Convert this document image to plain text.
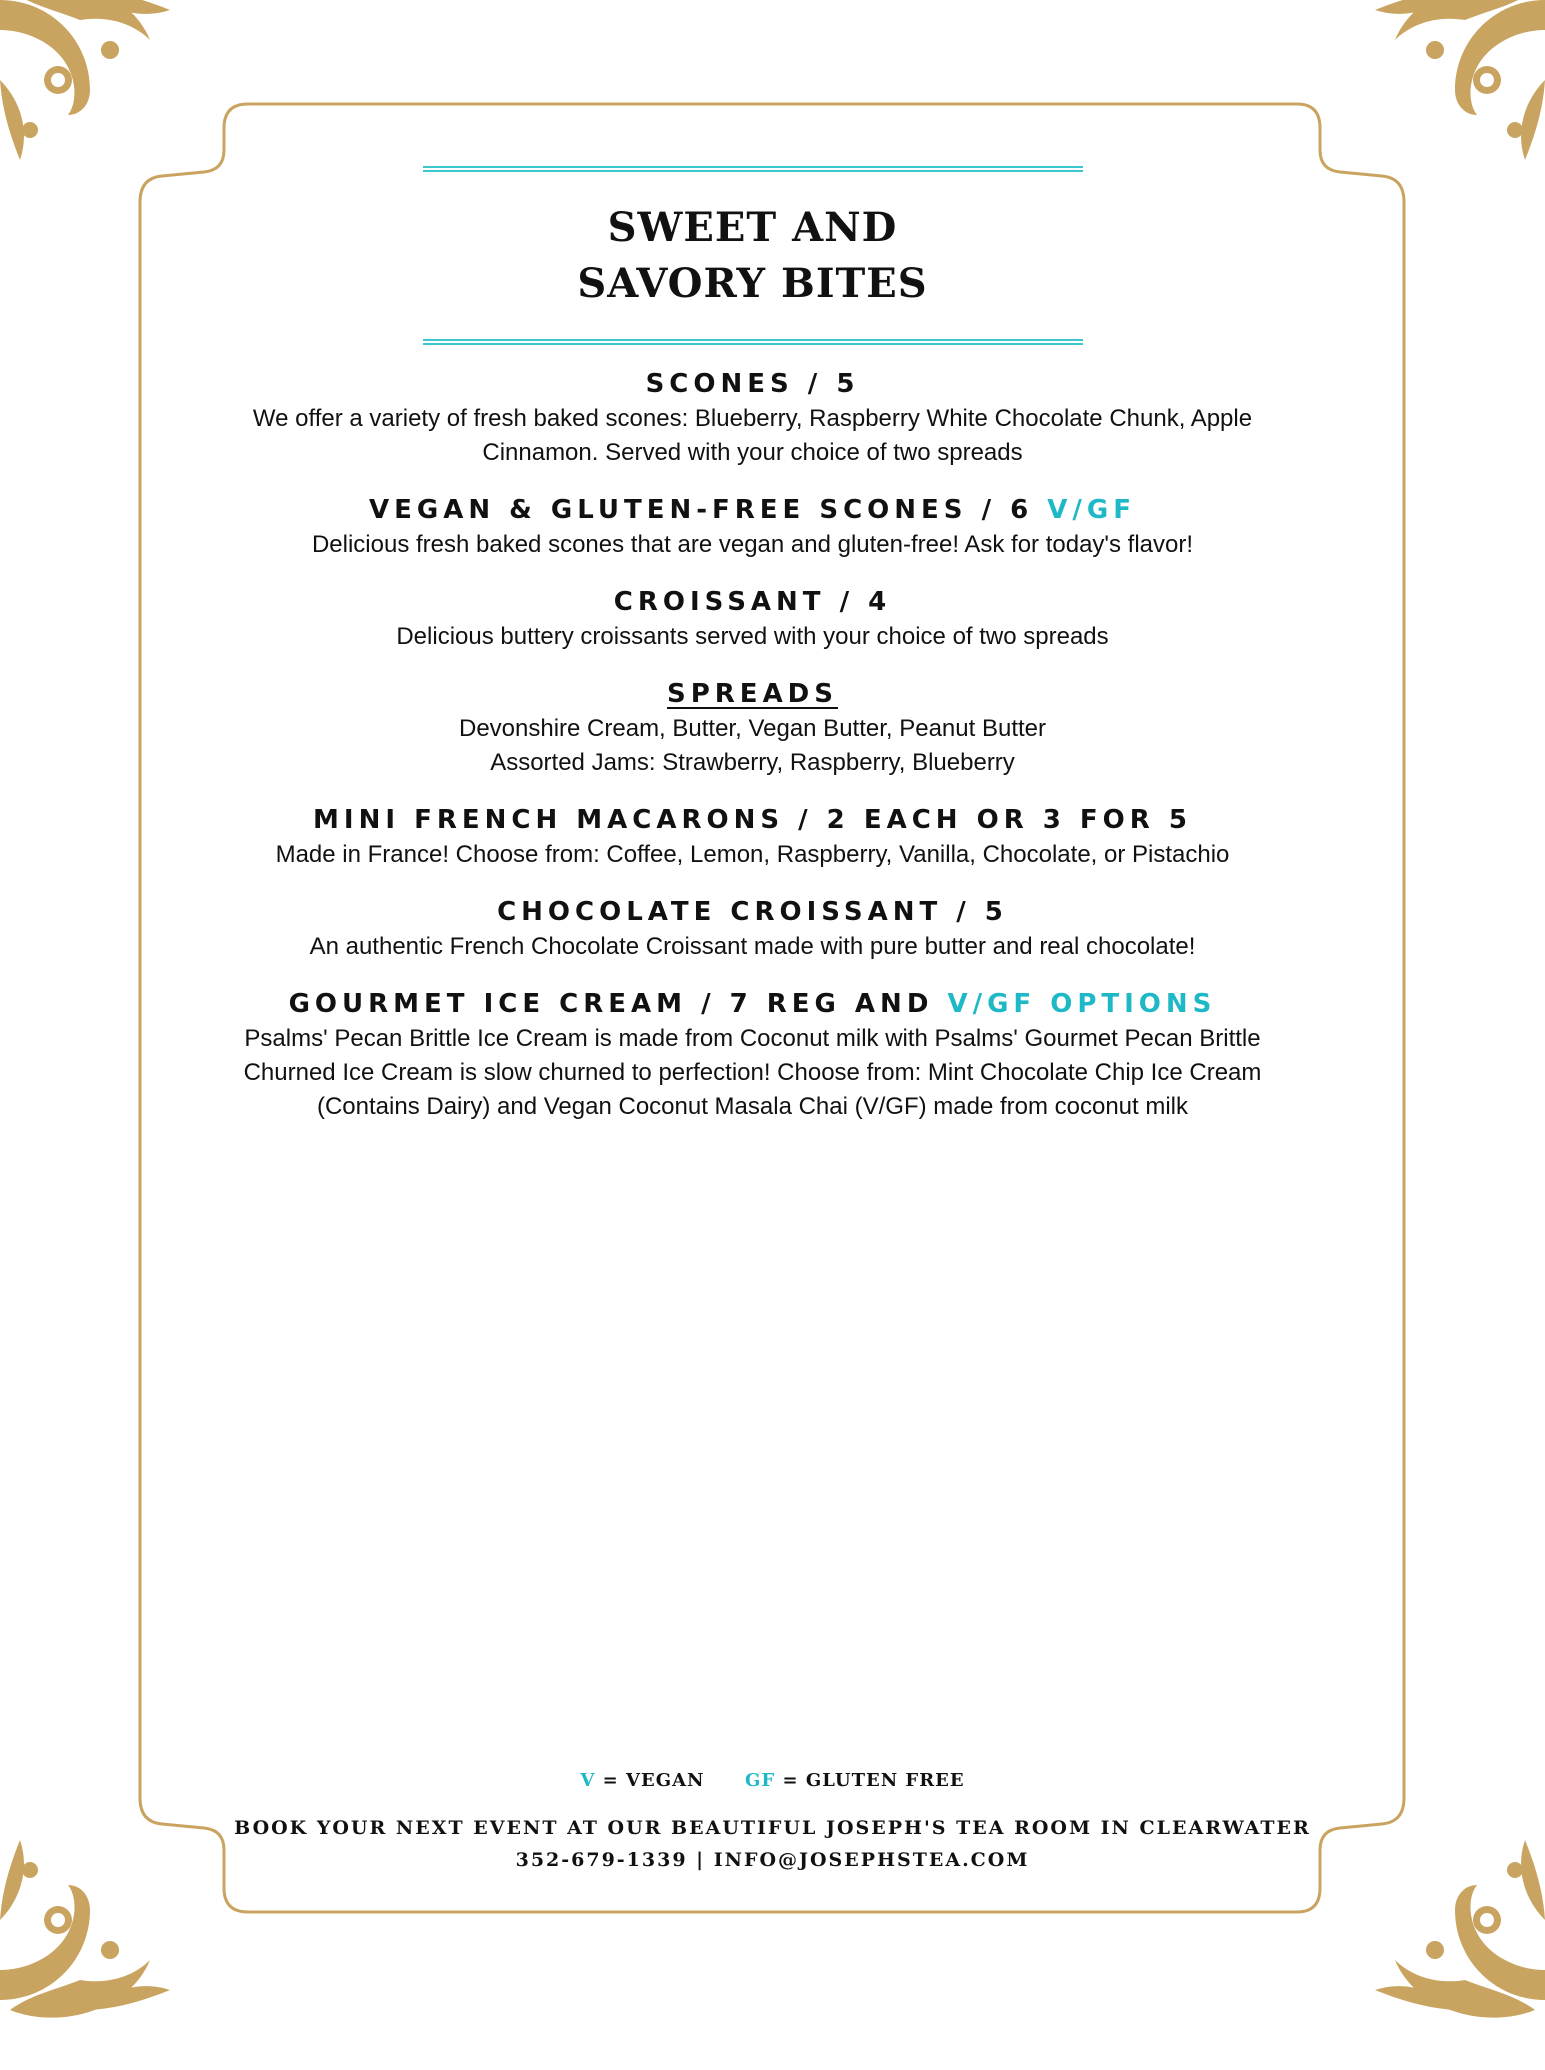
SWEET AND
SAVORY BITES
SCONES / 5
We offer a variety of fresh baked scones: Blueberry, Raspberry White Chocolate Chunk, Apple
Cinnamon. Served with your choice of two spreads
VEGAN & GLUTEN-FREE SCONES / 6 V/GF
Delicious fresh baked scones that are vegan and gluten-free! Ask for today's flavor!
CROISSANT / 4
Delicious buttery croissants served with your choice of two spreads
SPREADS
Devonshire Cream, Butter, Vegan Butter, Peanut Butter
Assorted Jams: Strawberry, Raspberry, Blueberry
MINI FRENCH MACARONS / 2 EACH OR 3 FOR 5
Made in France! Choose from: Coffee, Lemon, Raspberry, Vanilla, Chocolate, or Pistachio
CHOCOLATE CROISSANT / 5
An authentic French Chocolate Croissant made with pure butter and real chocolate!
GOURMET ICE CREAM / 7 REG AND V/GF OPTIONS
Psalms' Pecan Brittle Ice Cream is made from Coconut milk with Psalms' Gourmet Pecan Brittle
Churned Ice Cream is slow churned to perfection! Choose from: Mint Chocolate Chip Ice Cream
(Contains Dairy) and Vegan Coconut Masala Chai (V/GF) made from coconut milk
V = VEGAN GF = GLUTEN FREE
BOOK YOUR NEXT EVENT AT OUR BEAUTIFUL JOSEPH'S TEA ROOM IN CLEARWATER
352-679-1339 | INFO@JOSEPHSTEA.COM
